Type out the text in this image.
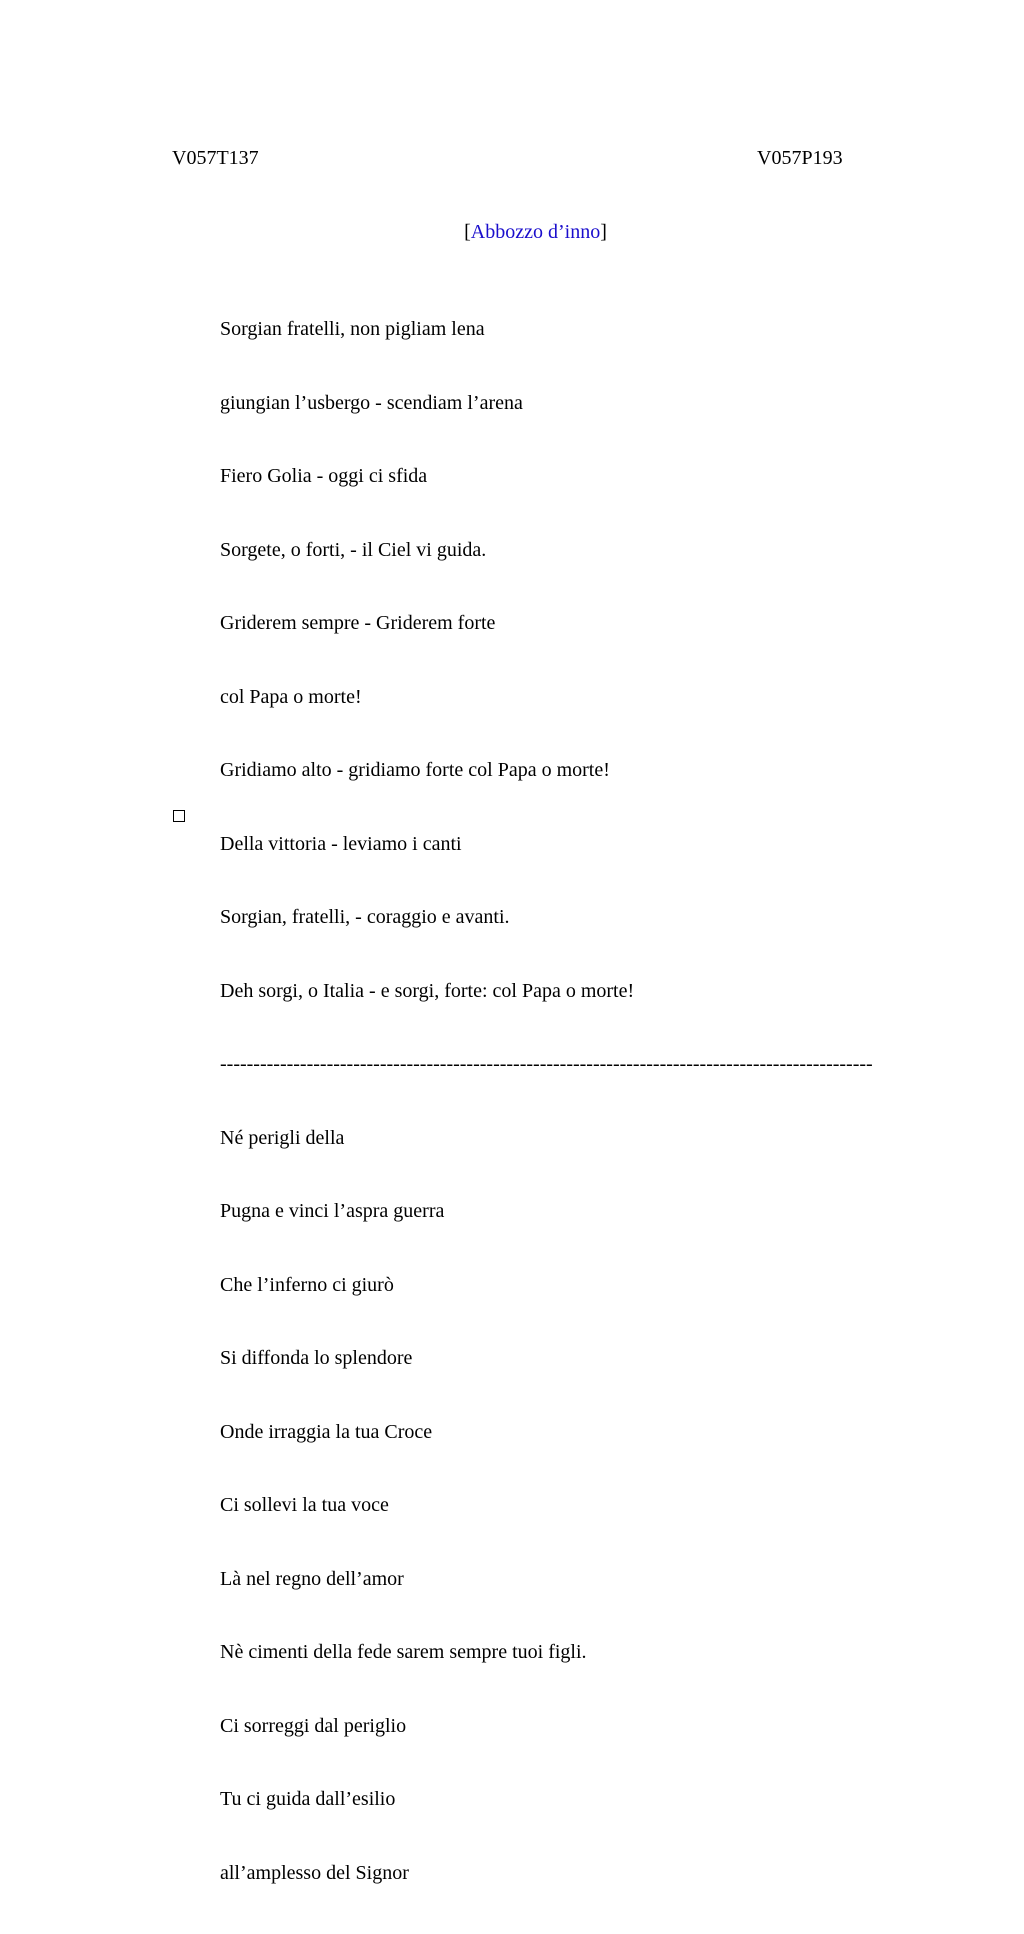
V057T137	V057P193
[Abbozzo d’inno]

Sorgian fratelli, non pigliam lena

giungian l’usbergo - scendiam l’arena

Fiero Golia - oggi ci sfida

Sorgete, o forti, - il Ciel vi guida.

Griderem sempre - Griderem forte

col Papa o morte!

Gridiamo alto - gridiamo forte col Papa o morte!

Della vittoria - leviamo i canti

Sorgian, fratelli, - coraggio e avanti.

Deh sorgi, o Italia - e sorgi, forte: col Papa o morte!

--------------------------------------------------------------------------------------------------

Né perigli della

Pugna e vinci l’aspra guerra

Che l’inferno ci giurò

Si diffonda lo splendore

Onde irraggia la tua Croce

Ci sollevi la tua voce

Là nel regno dell’amor

Nè cimenti della fede sarem sempre tuoi figli.

Ci sorreggi dal periglio

Tu ci guida dall’esilio

all’amplesso del Signor
